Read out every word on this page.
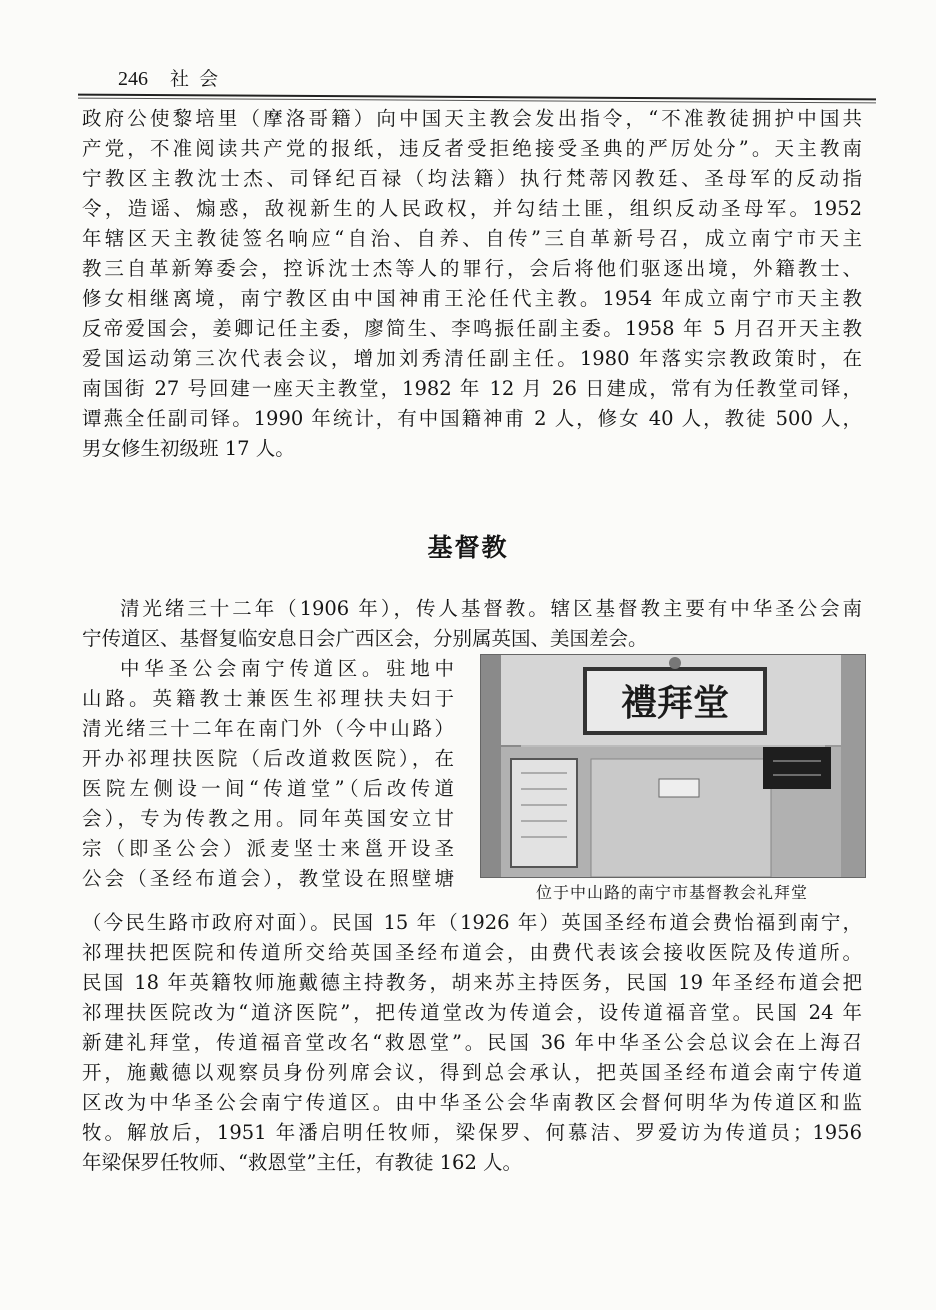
246 社 会
政府公使黎培里（摩洛哥籍）向中国天主教会发出指令，“不准教徒拥护中国共
产党，不准阅读共产党的报纸，违反者受拒绝接受圣典的严厉处分”。天主教南
宁教区主教沈士杰、司铎纪百禄（均法籍）执行梵蒂冈教廷、圣母军的反动指
令，造谣、煽惑，敌视新生的人民政权，并勾结土匪，组织反动圣母军。1952
年辖区天主教徒签名响应“自治、自养、自传”三自革新号召，成立南宁市天主
教三自革新筹委会，控诉沈士杰等人的罪行，会后将他们驱逐出境，外籍教士、
修女相继离境，南宁教区由中国神甫王沦任代主教。1954 年成立南宁市天主教
反帝爱国会，姜卿记任主委，廖简生、李鸣振任副主委。1958 年 5 月召开天主教
爱国运动第三次代表会议，增加刘秀清任副主任。1980 年落实宗教政策时，在
南国街 27 号回建一座天主教堂，1982 年 12 月 26 日建成，常有为任教堂司铎，
谭燕全任副司铎。1990 年统计，有中国籍神甫 2 人，修女 40 人，教徒 500 人，
男女修生初级班 17 人。
基督教
清光绪三十二年（1906 年），传人基督教。辖区基督教主要有中华圣公会南
宁传道区、基督复临安息日会广西区会，分别属英国、美国差会。
禮拜堂
位于中山路的南宁市基督教会礼拜堂
中华圣公会南宁传道区。驻地中
山路。英籍教士兼医生祁理扶夫妇于
清光绪三十二年在南门外（今中山路）
开办祁理扶医院（后改道救医院），在
医院左侧设一间“传道堂”（后改传道
会），专为传教之用。同年英国安立甘
宗（即圣公会）派麦坚士来邕开设圣
公会（圣经布道会），教堂设在照壁塘
（今民生路市政府对面）。民国 15 年（1926 年）英国圣经布道会费怡福到南宁，
祁理扶把医院和传道所交给英国圣经布道会，由费代表该会接收医院及传道所。
民国 18 年英籍牧师施戴德主持教务，胡来苏主持医务，民国 19 年圣经布道会把
祁理扶医院改为“道济医院”，把传道堂改为传道会，设传道福音堂。民国 24 年
新建礼拜堂，传道福音堂改名“救恩堂”。民国 36 年中华圣公会总议会在上海召
开，施戴德以观察员身份列席会议，得到总会承认，把英国圣经布道会南宁传道
区改为中华圣公会南宁传道区。由中华圣公会华南教区会督何明华为传道区和监
牧。解放后，1951 年潘启明任牧师，梁保罗、何慕洁、罗爱访为传道员；1956
年梁保罗任牧师、“救恩堂”主任，有教徒 162 人。
